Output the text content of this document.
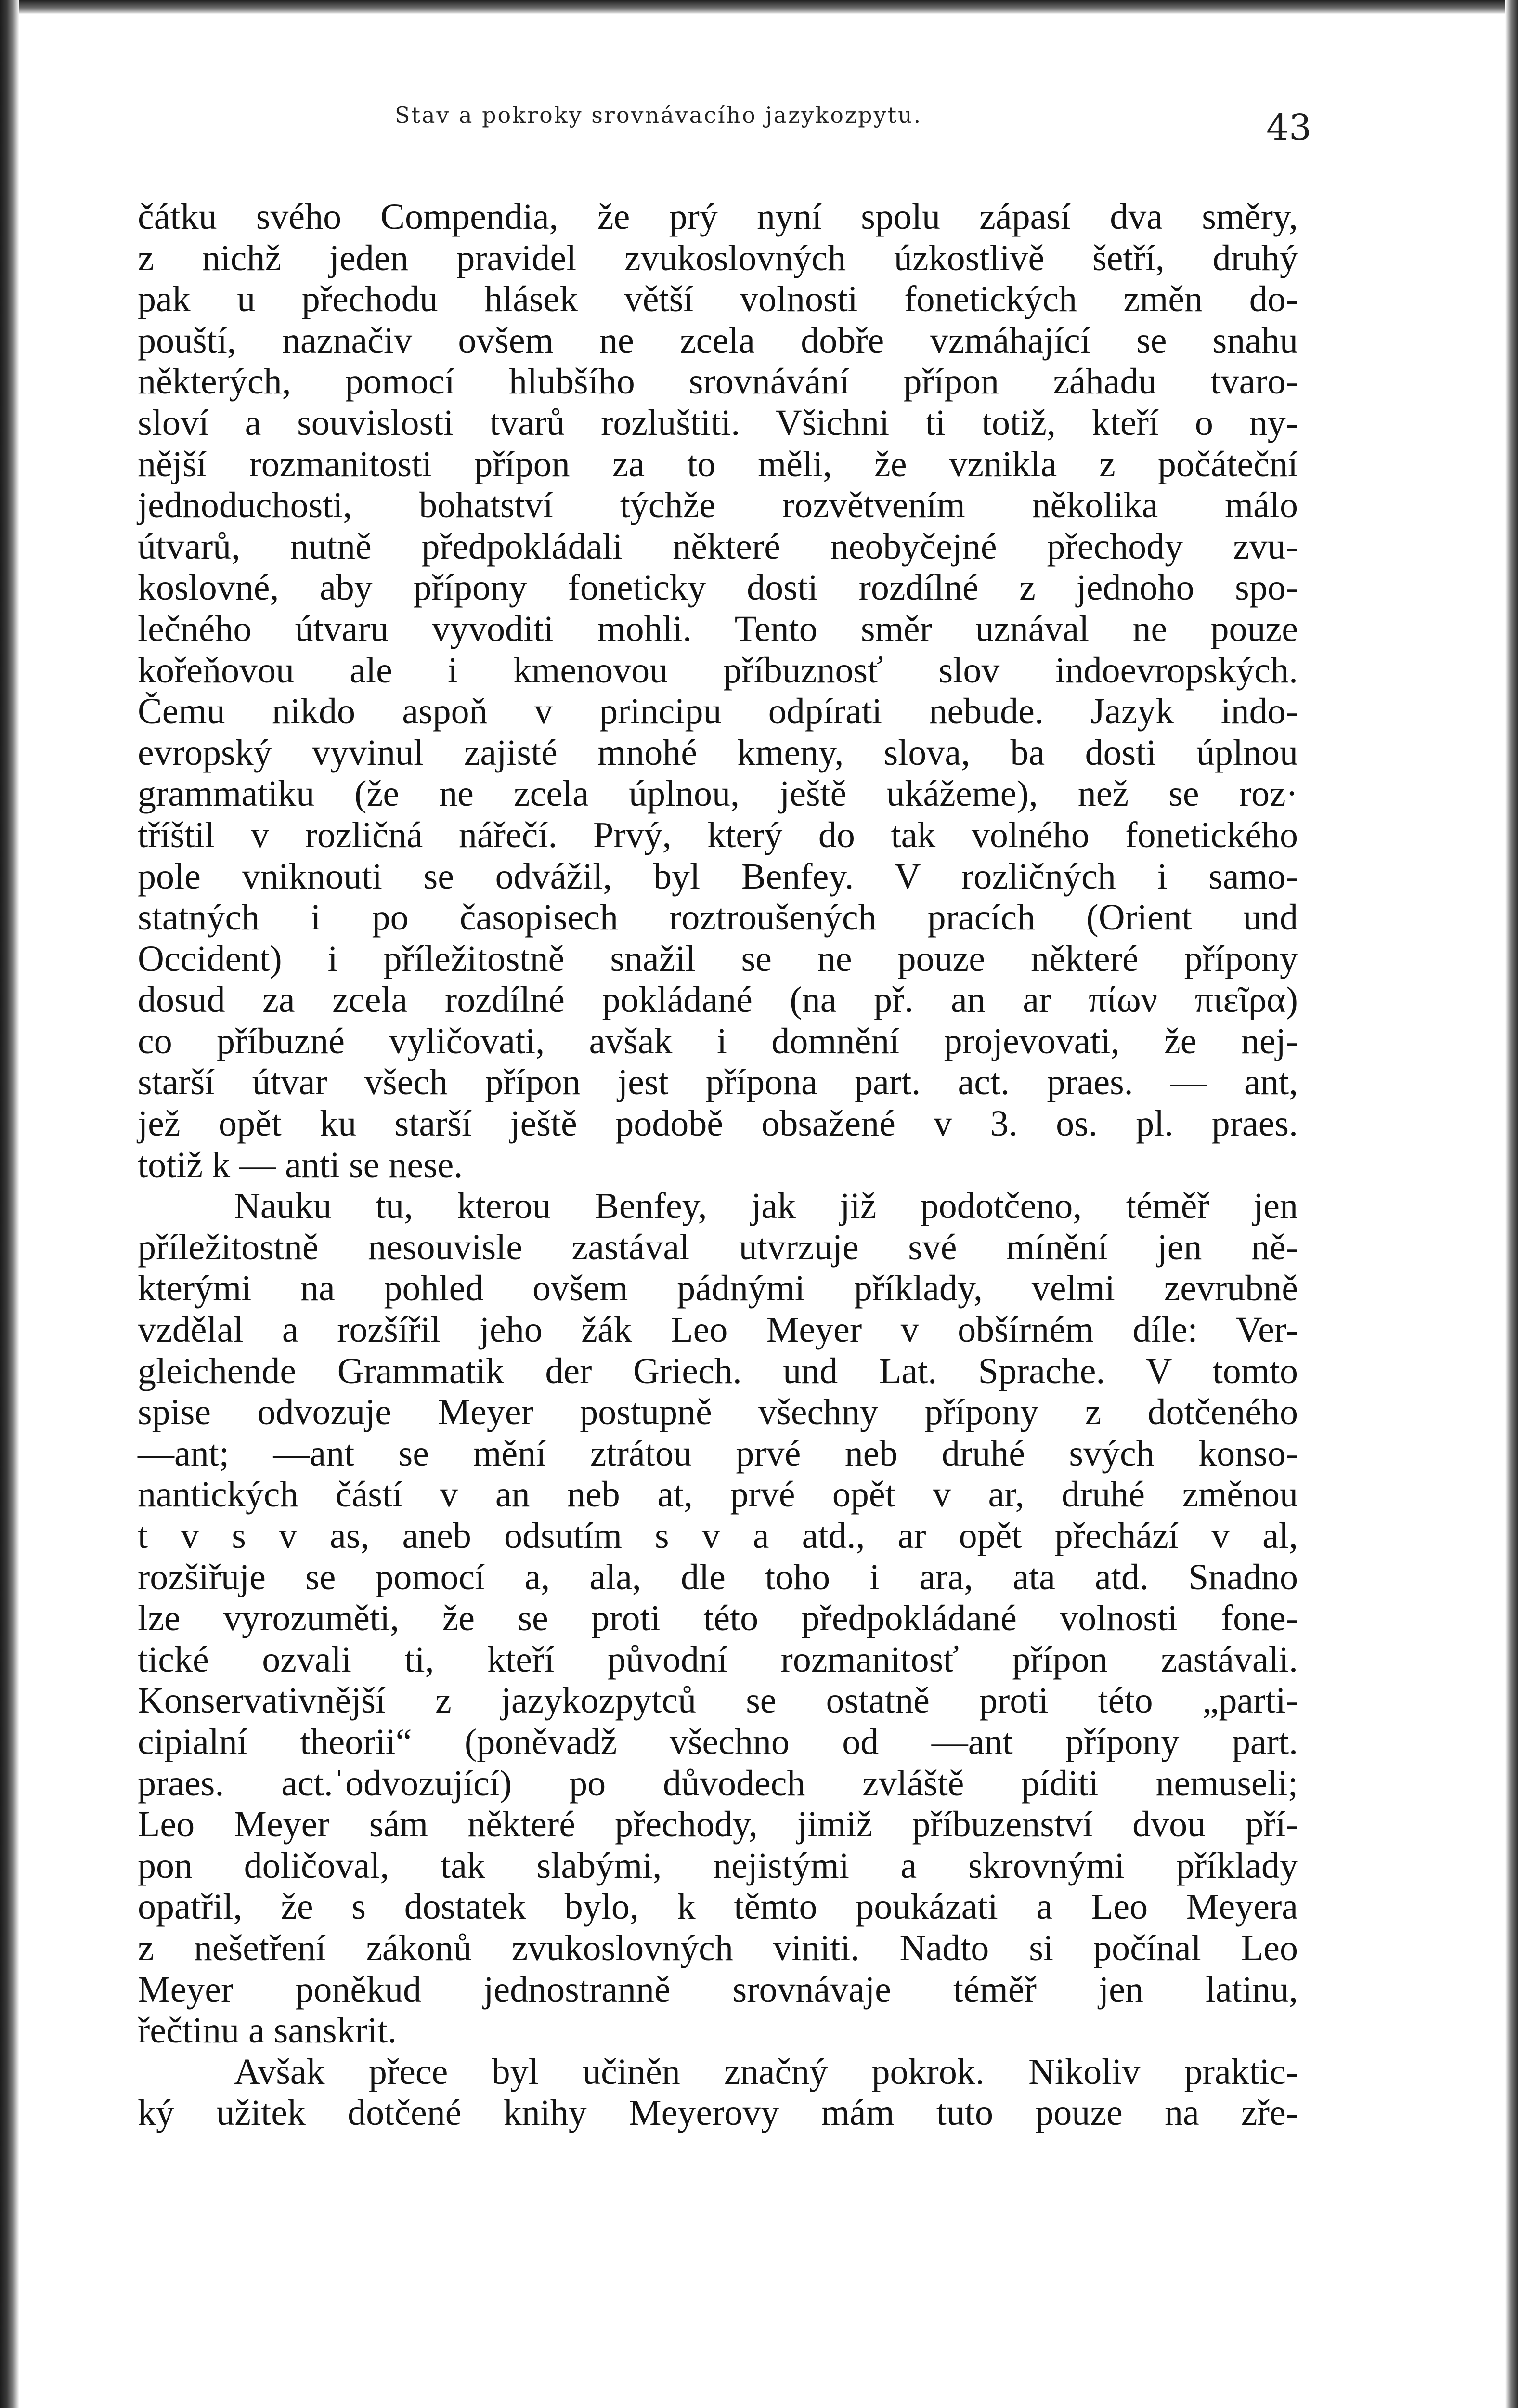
Stav a pokroky srovnávacího jazykozpytu.	43
čátku svého Compendia, že prý nyní spolu zápasí dva směry,
z nichž jeden pravidel zvukoslovných úzkostlivě šetří, druhý
pak u přechodu hlásek větší volnosti fonetických změn do-
pouští, naznačiv ovšem ne zcela dobře vzmáhající se snahu
některých, pomocí hlubšího srovnávání přípon záhadu tvaro-
sloví a souvislosti tvarů rozluštiti. Všichni ti totiž, kteří o ny-
nější rozmanitosti přípon za to měli, že vznikla z počáteční
jednoduchosti, bohatství týchže rozvětvením několika málo
útvarů, nutně předpokládali některé neobyčejné přechody zvu-
koslovné, aby přípony foneticky dosti rozdílné z jednoho spo-
lečného útvaru vyvoditi mohli. Tento směr uznával ne pouze
kořeňovou ale i kmenovou příbuznosť slov indoevropských.
Čemu nikdo aspoň v principu odpírati nebude. Jazyk indo-
evropský vyvinul zajisté mnohé kmeny, slova, ba dosti úplnou
grammatiku (že ne zcela úplnou, ještě ukážeme), než se roz·
tříštil v rozličná nářečí. Prvý, který do tak volného fonetického
pole vniknouti se odvážil, byl Benfey. V rozličných i samo-
statných i po časopisech roztroušených pracích (Orient und
Occident) i příležitostně snažil se ne pouze některé přípony
dosud za zcela rozdílné pokládané (na př. an ar πίων πιεῖρα)
co příbuzné vyličovati, avšak i domnění projevovati, že nej-
starší útvar všech přípon jest přípona part. act. praes. — ant,
jež opět ku starší ještě podobě obsažené v 3. os. pl. praes.
totiž k — anti se nese.
Nauku tu, kterou Benfey, jak již podotčeno, téměř jen
příležitostně nesouvisle zastával utvrzuje své mínění jen ně-
kterými na pohled ovšem pádnými příklady, velmi zevrubně
vzdělal a rozšířil jeho žák Leo Meyer v obšírném díle: Ver-
gleichende Grammatik der Griech. und Lat. Sprache. V tomto
spise odvozuje Meyer postupně všechny přípony z dotčeného
—ant; —ant se mění ztrátou prvé neb druhé svých konso-
nantických částí v an neb at, prvé opět v ar, druhé změnou
t v s v as, aneb odsutím s v a atd., ar opět přechází v al,
rozšiřuje se pomocí a, ala, dle toho i ara, ata atd. Snadno
lze vyrozuměti, že se proti této předpokládané volnosti fone-
tické ozvali ti, kteří původní rozmanitosť přípon zastávali.
Konservativnější z jazykozpytců se ostatně proti této „parti-
cipialní theorii“ (poněvadž všechno od —ant přípony part.
praes. act.ˈodvozující) po důvodech zvláště píditi nemuseli;
Leo Meyer sám některé přechody, jimiž příbuzenství dvou pří-
pon doličoval, tak slabými, nejistými a skrovnými příklady
opatřil, že s dostatek bylo, k těmto poukázati a Leo Meyera
z nešetření zákonů zvukoslovných viniti. Nadto si počínal Leo
Meyer poněkud jednostranně srovnávaje téměř jen latinu,
řečtinu a sanskrit.
Avšak přece byl učiněn značný pokrok. Nikoliv praktic-
ký užitek dotčené knihy Meyerovy mám tuto pouze na zře-
